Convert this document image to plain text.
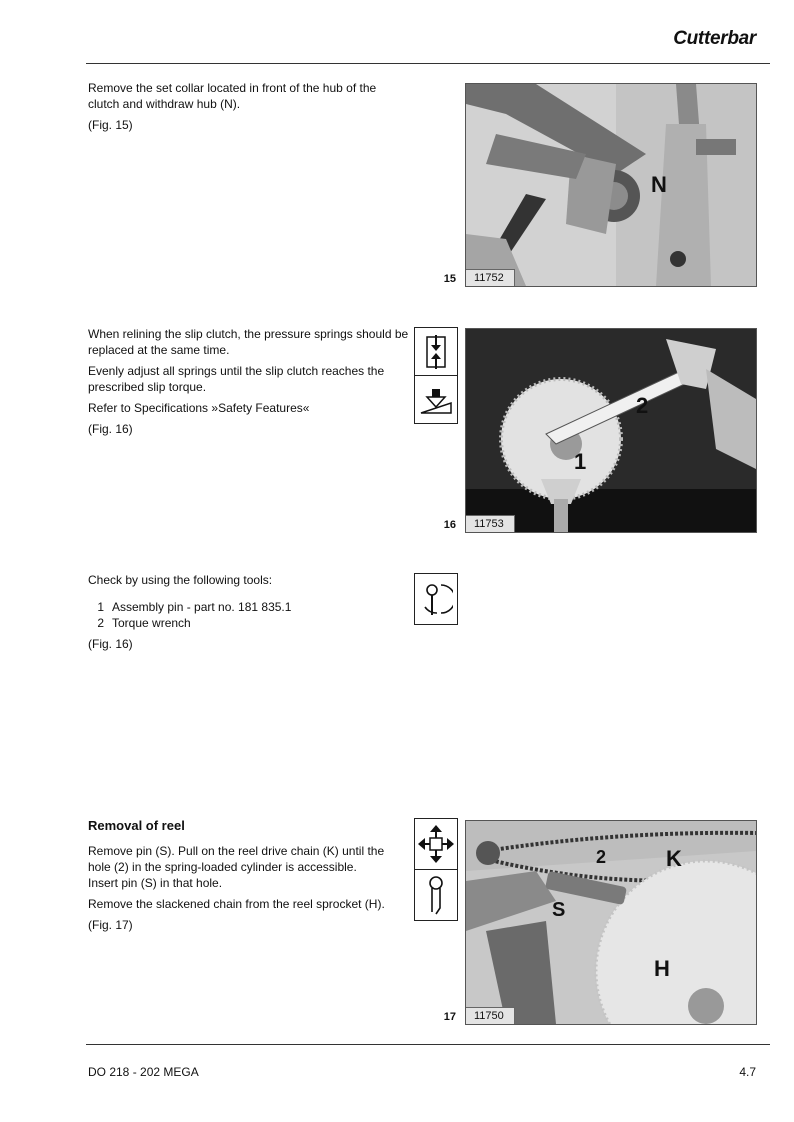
Cutterbar

Remove the set collar located in front of the hub of the clutch and withdraw hub (N).

(Fig. 15)

15
N
11752

When relining the slip clutch, the pressure springs should be replaced at the same time.

Evenly adjust all springs until the slip clutch reaches the prescribed slip torque.

Refer to Specifications »Safety Features«

(Fig. 16)

16
2
1
11753

Check by using the following tools:

1 Assembly pin - part no. 181 835.1
2 Torque wrench

(Fig. 16)

Removal of reel

Remove pin (S). Pull on the reel drive chain (K) until the hole (2) in the spring-loaded cylinder is accessible.
Insert pin (S) in that hole.

Remove the slackened chain from the reel sprocket (H).

(Fig. 17)

17
K
2
S
H
11750
DO 218 - 202 MEGA	4.7
